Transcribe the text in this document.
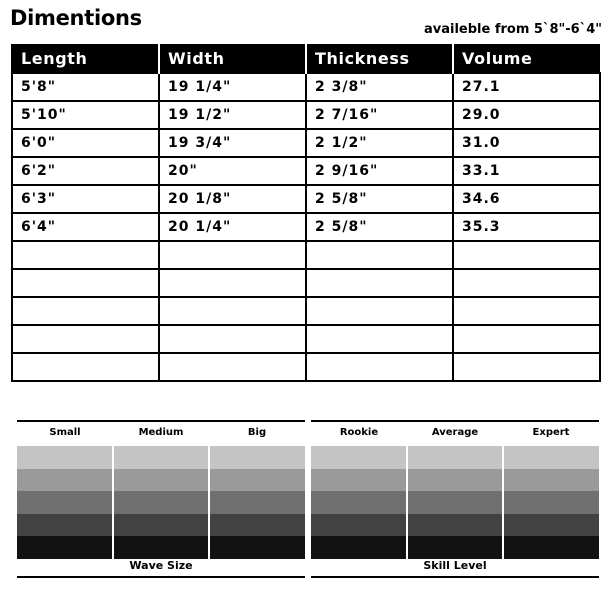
Dimentions	availeble from 5`8"-6`4"
Length	Width	Thickness	Volume
5'8"	19 1/4"	2 3/8"	27.1
5'10"	19 1/2"	2 7/16"	29.0
6'0"	19 3/4"	2 1/2"	31.0
6'2"	20"	2 9/16"	33.1
6'3"	20 1/8"	2 5/8"	34.6
6'4"	20 1/4"	2 5/8"	35.3

Small	Medium	Big
Wave Size
Rookie	Average	Expert
Skill Level
